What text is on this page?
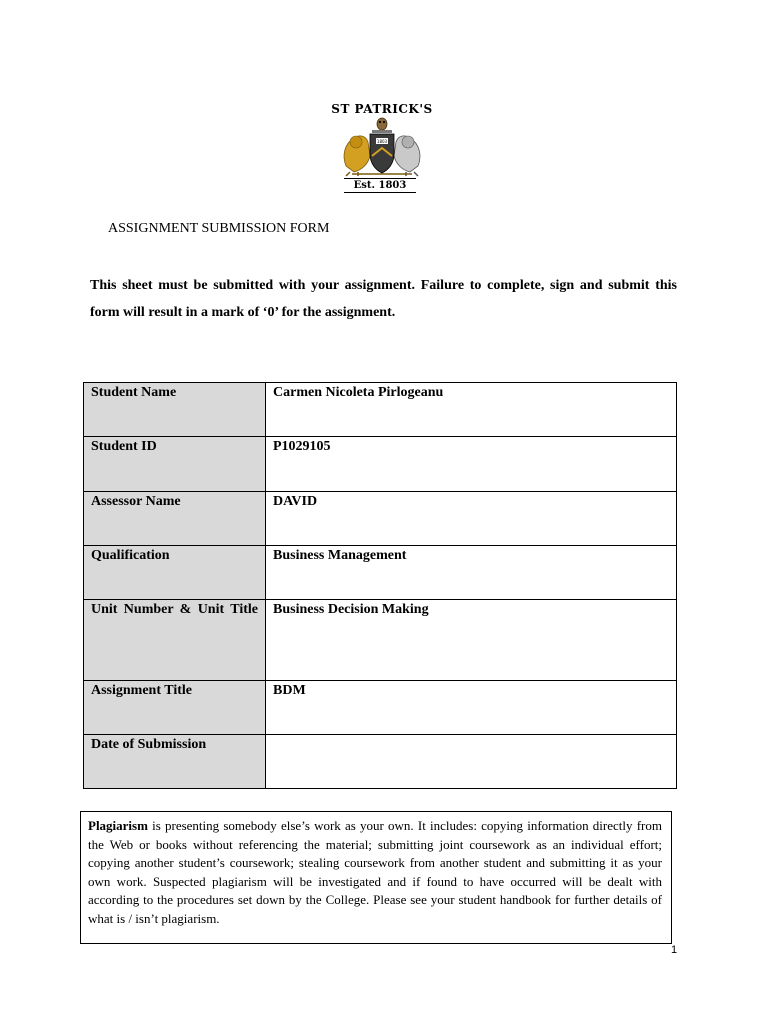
ST PATRICK'S
1803
Est. 1803
ASSIGNMENT SUBMISSION FORM
This sheet must be submitted with your assignment. Failure to complete, sign and submit this form will result in a mark of ‘0’ for the assignment.
Student Name	Carmen Nicoleta Pirlogeanu

Student ID	P1029105

Assessor Name	DAVID

Qualification	Business Management

Unit Number & Unit Title	Business Decision Making

Assignment Title	BDM

Date of Submission	

Plagiarism is presenting somebody else’s work as your own. It includes: copying information directly from the Web or books without referencing the material; submitting joint coursework as an individual effort; copying another student’s coursework; stealing coursework from another student and submitting it as your own work. Suspected plagiarism will be investigated and if found to have occurred will be dealt with according to the procedures set down by the College. Please see your student handbook for further details of what is / isn’t plagiarism.
1
